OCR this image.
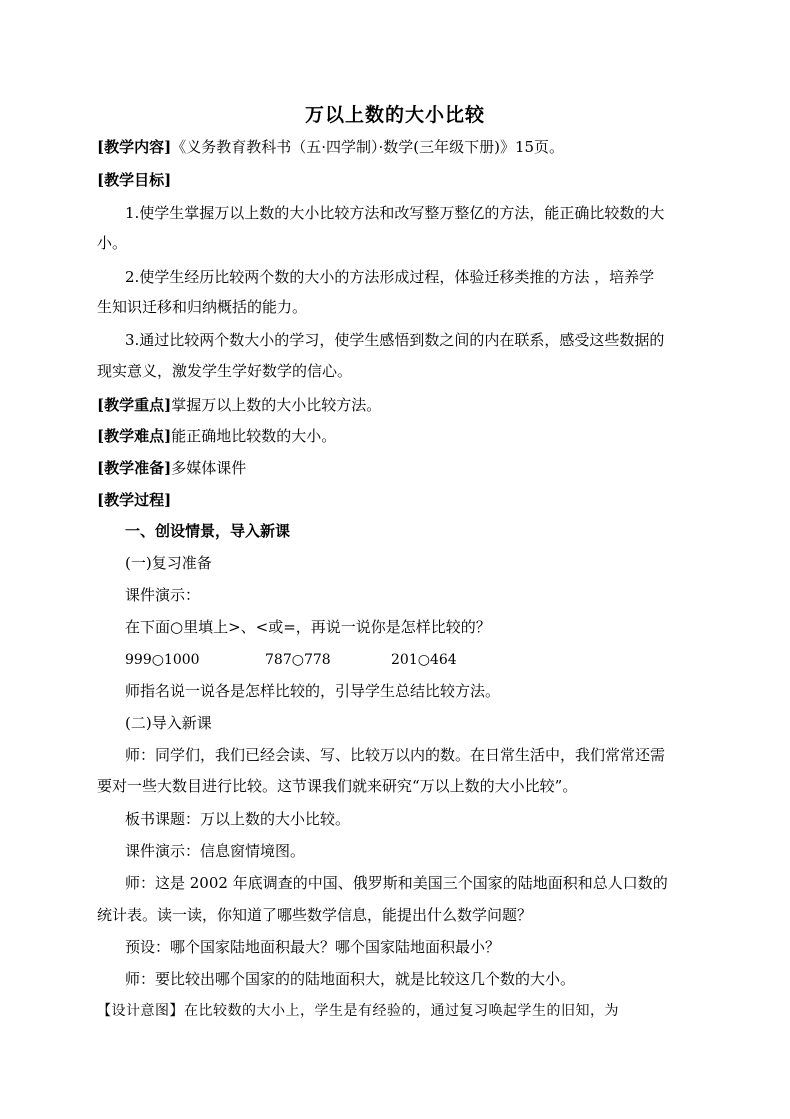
万以上数的大小比较
[教学内容]《义务教育教科书（五·四学制）·数学(三年级下册)》15页。
[教学目标]
1.使学生掌握万以上数的大小比较方法和改写整万整亿的方法，能正确比较数的大
小。
2.使学生经历比较两个数的大小的方法形成过程，体验迁移类推的方法 ，培养学
生知识迁移和归纳概括的能力。
3.通过比较两个数大小的学习，使学生感悟到数之间的内在联系，感受这些数据的
现实意义，激发学生学好数学的信心。
[教学重点]掌握万以上数的大小比较方法。
[教学难点]能正确地比较数的大小。
[教学准备]多媒体课件
[教学过程]
一、创设情景，导入新课
(一)复习准备
课件演示：
在下面○里填上>、<或=，再说一说你是怎样比较的？
999○1000	787○778	201○464
师指名说一说各是怎样比较的，引导学生总结比较方法。
(二)导入新课
师：同学们，我们已经会读、写、比较万以内的数。在日常生活中，我们常常还需
要对一些大数目进行比较。这节课我们就来研究“万以上数的大小比较”。
板书课题：万以上数的大小比较。
课件演示：信息窗情境图。
师：这是 2002 年底调查的中国、俄罗斯和美国三个国家的陆地面积和总人口数的
统计表。读一读，你知道了哪些数学信息，能提出什么数学问题？
预设：哪个国家陆地面积最大？哪个国家陆地面积最小？
师：要比较出哪个国家的的陆地面积大，就是比较这几个数的大小。
【设计意图】在比较数的大小上，学生是有经验的，通过复习唤起学生的旧知，为
